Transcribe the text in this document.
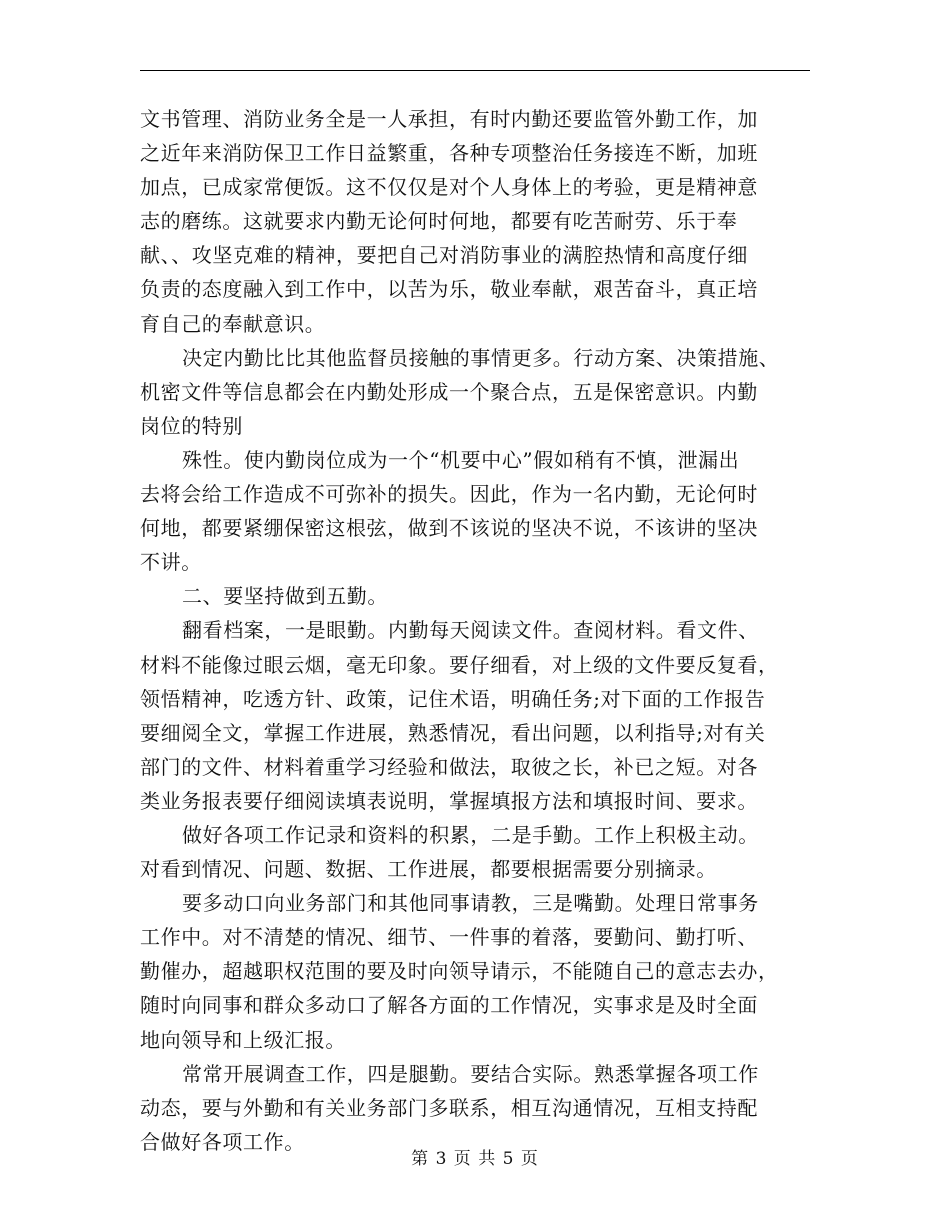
文书管理、消防业务全是一人承担，有时内勤还要监管外勤工作，加
之近年来消防保卫工作日益繁重，各种专项整治任务接连不断，加班
加点，已成家常便饭。这不仅仅是对个人身体上的考验，更是精神意
志的磨练。这就要求内勤无论何时何地，都要有吃苦耐劳、乐于奉
献、、攻坚克难的精神，要把自己对消防事业的满腔热情和高度仔细
负责的态度融入到工作中，以苦为乐，敬业奉献，艰苦奋斗，真正培
育自己的奉献意识。
决定内勤比比其他监督员接触的事情更多。行动方案、决策措施、
机密文件等信息都会在内勤处形成一个聚合点，五是保密意识。内勤
岗位的特别
殊性。使内勤岗位成为一个“机要中心”假如稍有不慎，泄漏出
去将会给工作造成不可弥补的损失。因此，作为一名内勤，无论何时
何地，都要紧绷保密这根弦，做到不该说的坚决不说，不该讲的坚决
不讲。
二、要坚持做到五勤。
翻看档案，一是眼勤。内勤每天阅读文件。查阅材料。看文件、
材料不能像过眼云烟，毫无印象。要仔细看，对上级的文件要反复看，
领悟精神，吃透方针、政策，记住术语，明确任务;对下面的工作报告
要细阅全文，掌握工作进展，熟悉情况，看出问题，以利指导;对有关
部门的文件、材料着重学习经验和做法，取彼之长，补已之短。对各
类业务报表要仔细阅读填表说明，掌握填报方法和填报时间、要求。
做好各项工作记录和资料的积累，二是手勤。工作上积极主动。
对看到情况、问题、数据、工作进展，都要根据需要分别摘录。
要多动口向业务部门和其他同事请教，三是嘴勤。处理日常事务
工作中。对不清楚的情况、细节、一件事的着落，要勤问、勤打听、
勤催办，超越职权范围的要及时向领导请示，不能随自己的意志去办，
随时向同事和群众多动口了解各方面的工作情况，实事求是及时全面
地向领导和上级汇报。
常常开展调查工作，四是腿勤。要结合实际。熟悉掌握各项工作
动态，要与外勤和有关业务部门多联系，相互沟通情况，互相支持配
合做好各项工作。
第 3 页 共 5 页
